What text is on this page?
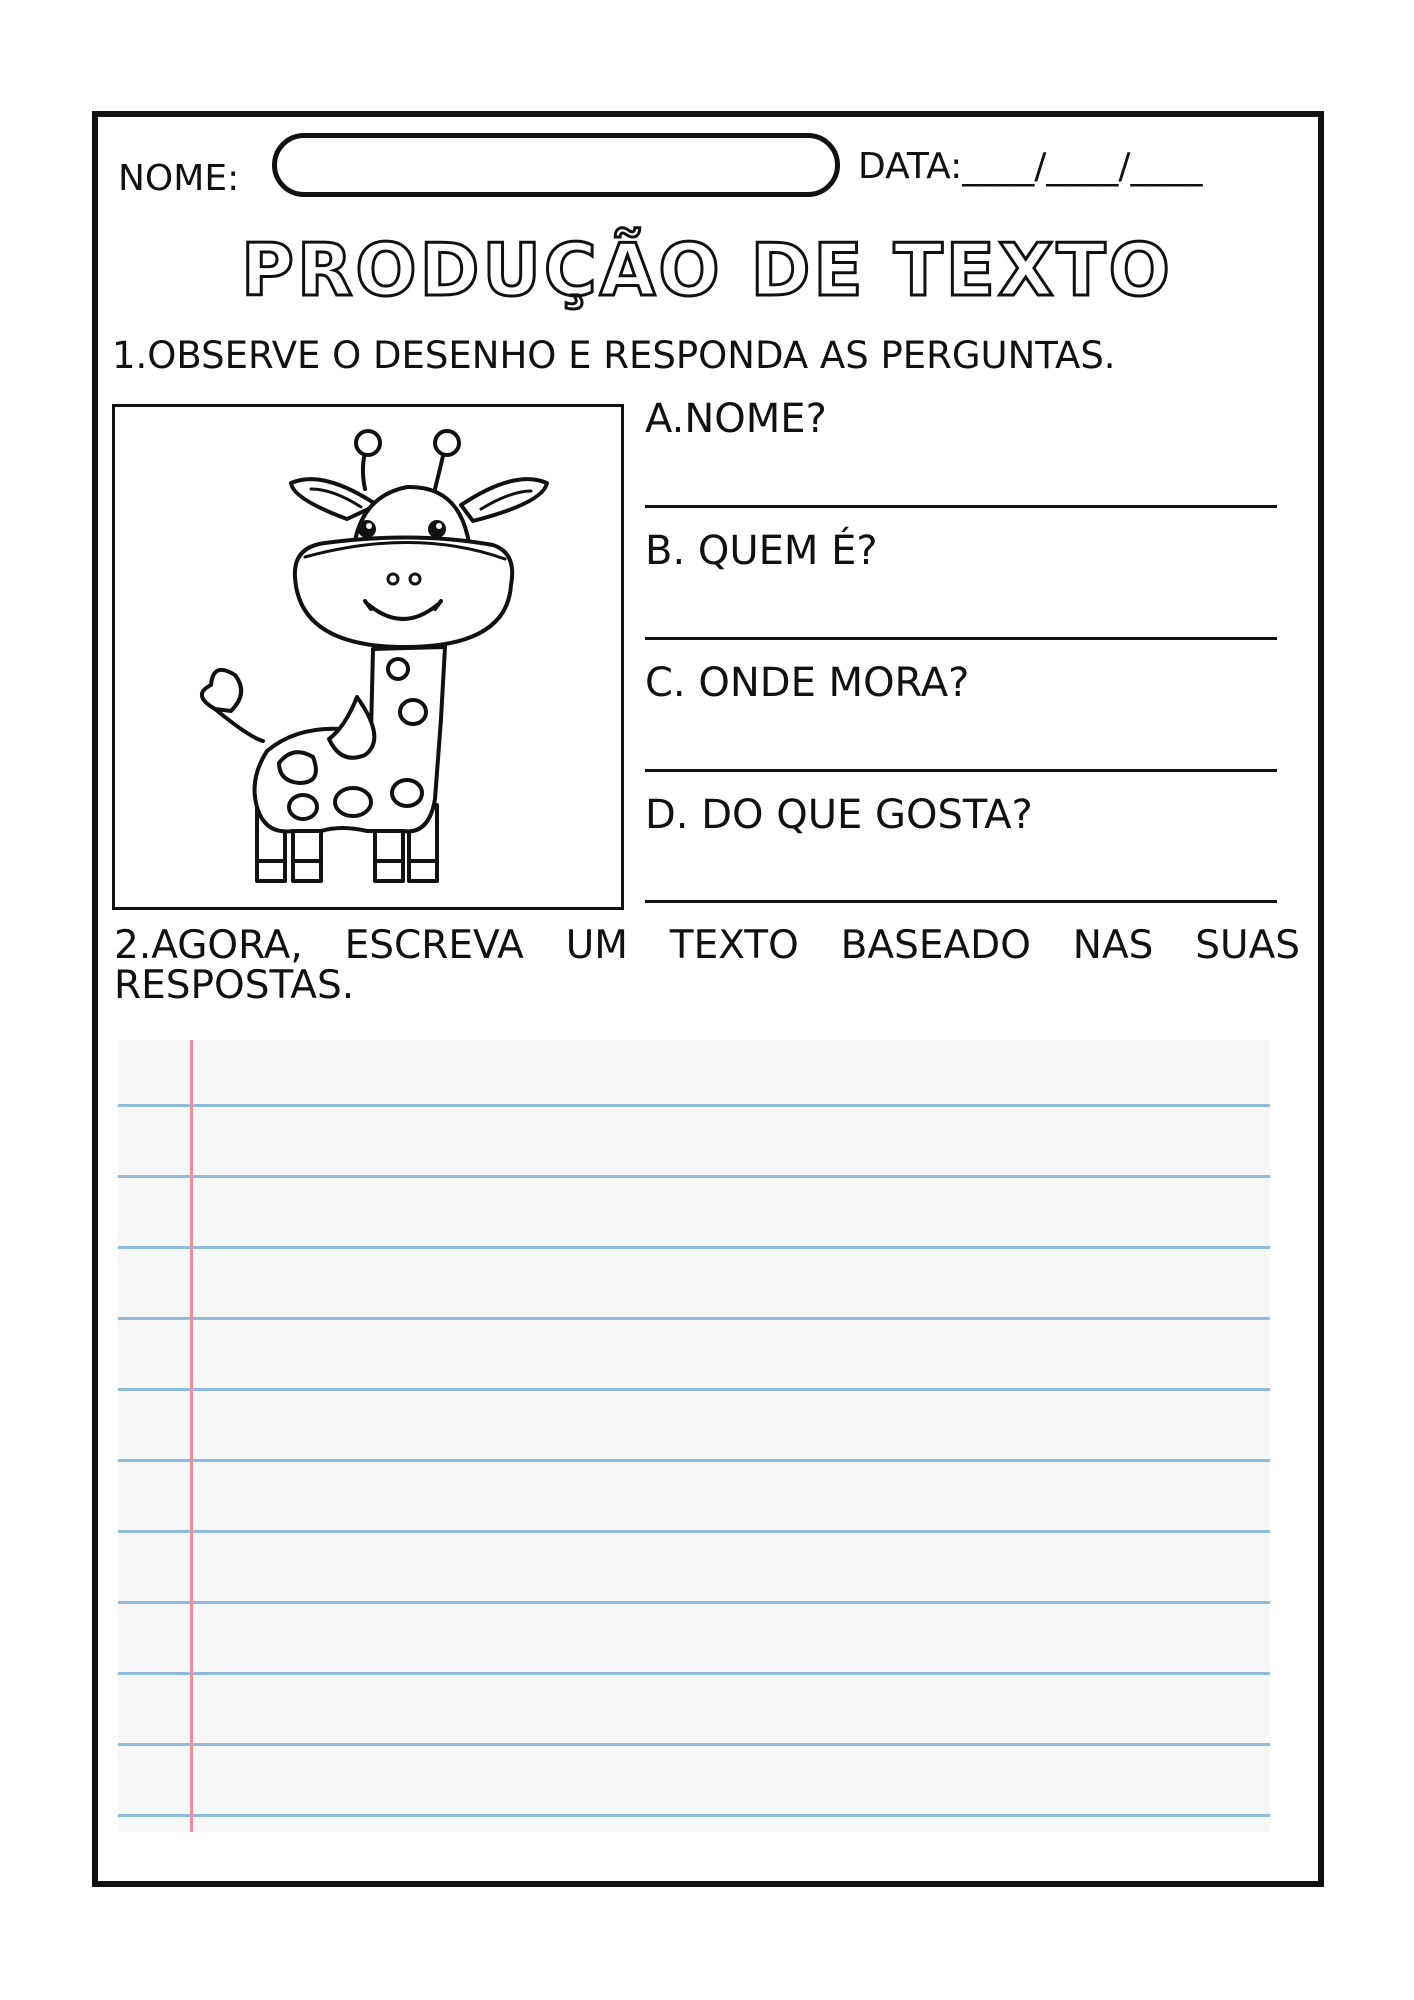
NOME:	DATA:____/____/____
PRODUÇÃO DE TEXTO
1.OBSERVE O DESENHO E RESPONDA AS PERGUNTAS.
A.NOME?
B. QUEM É?
C. ONDE MORA?
D. DO QUE GOSTA?
2.AGORA, ESCREVA UM TEXTO BASEADO NAS SUAS RESPOSTAS.
